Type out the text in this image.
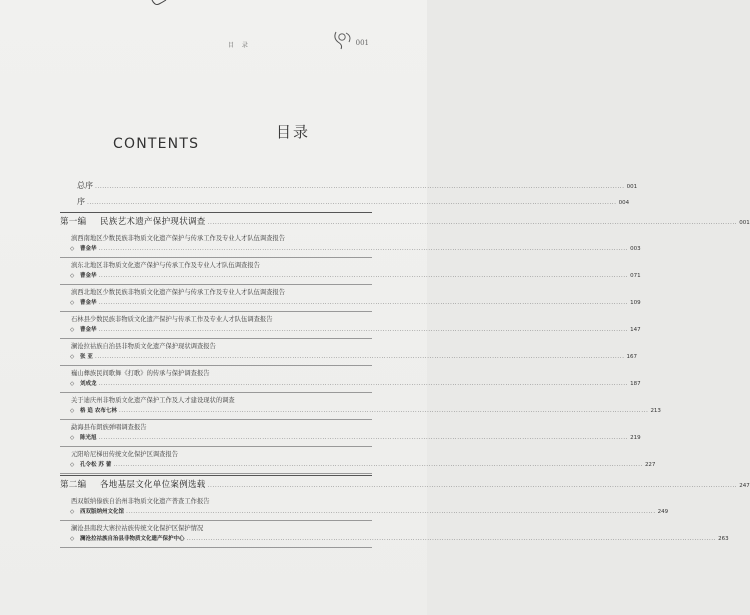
目 录	001
目录
CONTENTS
总序 ............................................................................................................................................................................................................................ 001
序 ............................................................................................................................................................................................................................ 004
第一编 民族艺术遗产保护现状调查 ............................................................................................................................................................................................................................ 001
滇西南地区少数民族非物质文化遗产保护与传承工作及专业人才队伍调查报告
◇ 曹金华 ............................................................................................................................................................................................................................ 003
滇东北地区非物质文化遗产保护与传承工作及专业人才队伍调查报告
◇ 曹金华 ............................................................................................................................................................................................................................ 071
滇西北地区少数民族非物质文化遗产保护与传承工作及专业人才队伍调查报告
◇ 曹金华 ............................................................................................................................................................................................................................ 109
石林县少数民族非物质文化遗产保护与传承工作及专业人才队伍调查报告
◇ 曹金华 ............................................................................................................................................................................................................................ 147
澜沧拉祜族自治县非物质文化遗产保护现状调查报告
◇ 张 亚 ............................................................................................................................................................................................................................ 167
巍山彝族民间歌舞《打歌》的传承与保护调查报告
◇ 刘成龙 ............................................................................................................................................................................................................................ 187
关于迪庆州非物质文化遗产保护工作及人才建设现状的调查
◇ 格 追 农布七林 ............................................................................................................................................................................................................................ 213
勐海县布朗族弹唱调查报告
◇ 陈光旭 ............................................................................................................................................................................................................................ 219
元阳哈尼梯田传统文化保护区调查报告
◇ 孔令松 苏 蕾 ............................................................................................................................................................................................................................ 227
第二编 各地基层文化单位案例选载 ............................................................................................................................................................................................................................ 247
西双版纳傣族自治州非物质文化遗产普查工作报告
◇ 西双版纳州文化馆 ............................................................................................................................................................................................................................ 249
澜沧县南段大寨拉祜族传统文化保护区保护情况
◇ 澜沧拉祜族自治县非物质文化遗产保护中心 ............................................................................................................................................................................................................................ 263
